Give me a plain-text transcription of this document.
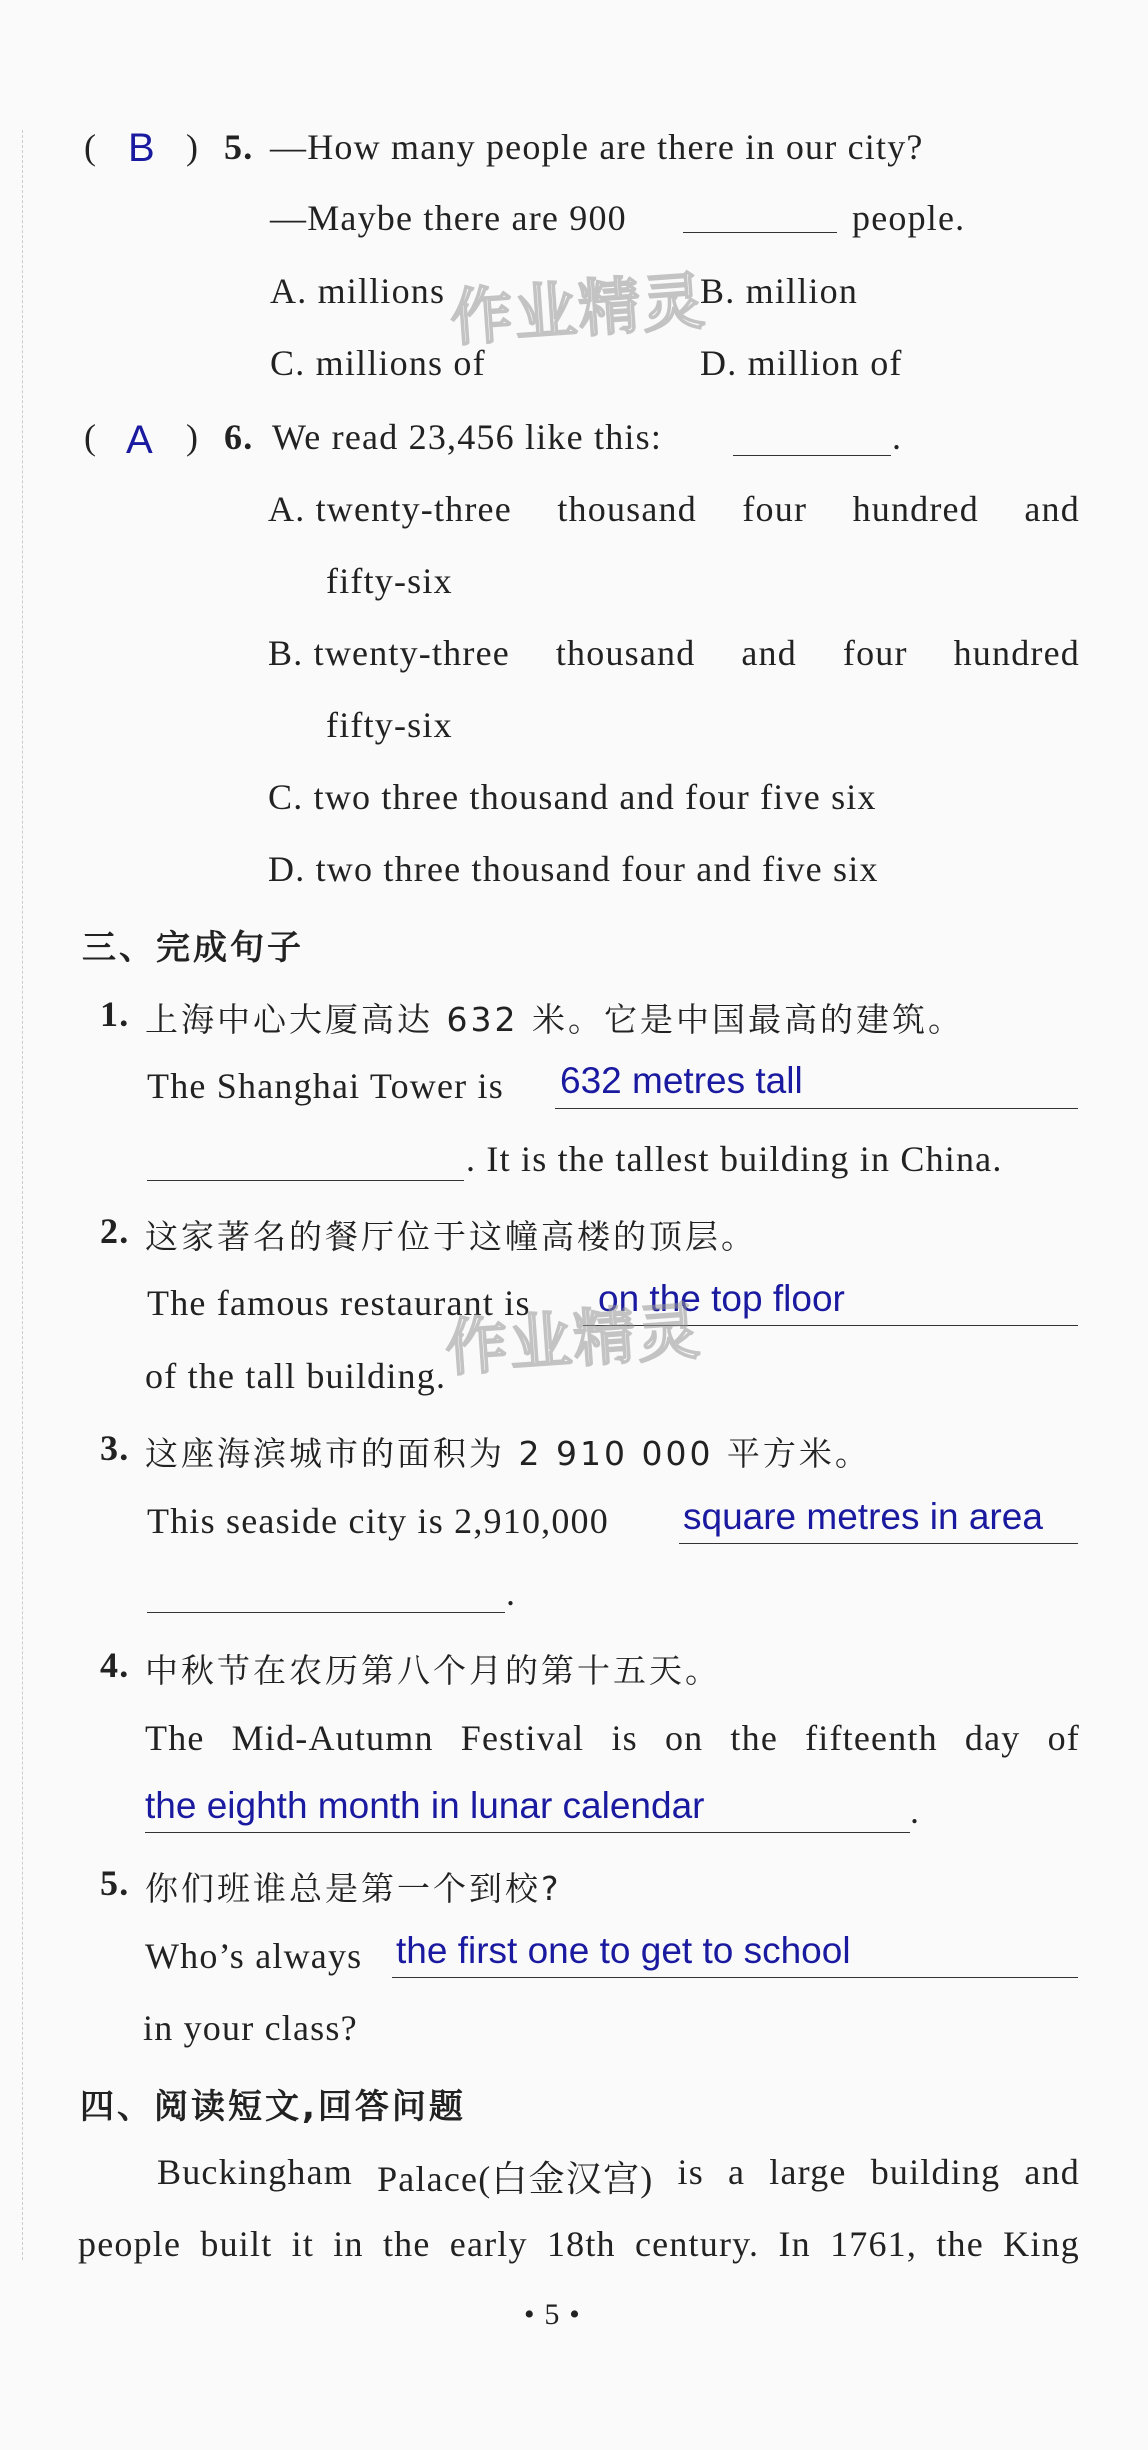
( B ) 5. —How many people are there in our city?
—Maybe there are 900	people.
A. millions	B. million
C. millions of	D. million of
作业精灵
( A ) 6. We read 23,456 like this:	.
A. twenty-three thousand four hundred and
fifty-six
B. twenty-three thousand and four hundred
fifty-six
C. two three thousand and four five six
D. two three thousand four and five six
三、完成句子
1. 上海中心大厦高达 632 米。它是中国最高的建筑。
The Shanghai Tower is 632 metres tall
. It is the tallest building in China.
2. 这家著名的餐厅位于这幢高楼的顶层。
The famous restaurant is on the top floor
of the tall building.
作业精灵
3. 这座海滨城市的面积为 2 910 000 平方米。
This seaside city is 2,910,000 square metres in area
.
4. 中秋节在农历第八个月的第十五天。
The Mid-Autumn Festival is on the fifteenth day of
the eighth month in lunar calendar	.
5. 你们班谁总是第一个到校?
Who’s always the first one to get to school
in your class?
四、阅读短文,回答问题
Buckingham Palace(白金汉宫) is a large building and
people built it in the early 18th century. In 1761, the King
• 5 •
